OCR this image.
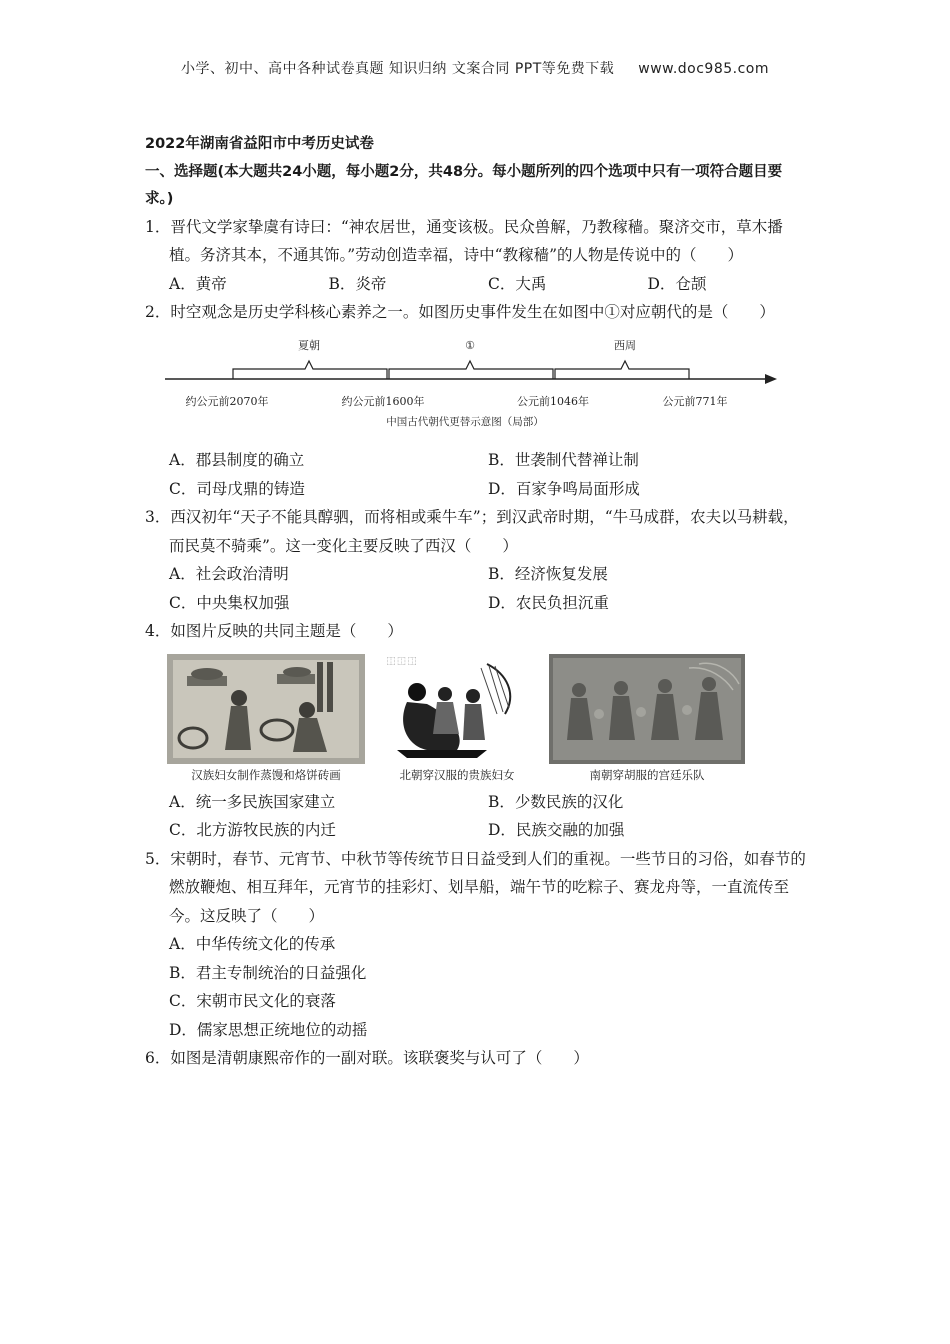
小学、初中、高中各种试卷真题 知识归纳 文案合同 PPT等免费下载 www.doc985.com

2022年湖南省益阳市中考历史试卷

一、选择题(本大题共24小题，每小题2分，共48分。每小题所列的四个选项中只有一项符合题目要求。)

1．晋代文学家挚虞有诗曰：“神农居世，通变该极。民众兽解，乃教稼穑。聚济交市，草木播植。务济其本，不通其饰。”劳动创造幸福，诗中“教稼穑”的人物是传说中的（　　）

A．黄帝	B．炎帝	C．大禹	D．仓颉

2．时空观念是历史学科核心素养之一。如图历史事件发生在如图中①对应朝代的是（　　）

夏朝	①	西周
约公元前2070年	约公元前1600年	公元前1046年	公元前771年
中国古代朝代更替示意图（局部）
A．郡县制度的确立	B．世袭制代替禅让制
C．司母戊鼎的铸造	D．百家争鸣局面形成

3．西汉初年“天子不能具醇驷，而将相或乘牛车”；到汉武帝时期，“牛马成群，农夫以马耕载，而民莫不骑乘”。这一变化主要反映了西汉（　　）

A．社会政治清明	B．经济恢复发展
C．中央集权加强	D．农民负担沉重

4．如图片反映的共同主题是（　　）

汉族妇女制作蒸馒和烙饼砖画
⿰ ⿰ ⿰
北朝穿汉服的贵族妇女	南朝穿胡服的宫廷乐队
A．统一多民族国家建立	B．少数民族的汉化
C．北方游牧民族的内迁	D．民族交融的加强

5．宋朝时，春节、元宵节、中秋节等传统节日日益受到人们的重视。一些节日的习俗，如春节的燃放鞭炮、相互拜年，元宵节的挂彩灯、划旱船，端午节的吃粽子、赛龙舟等，一直流传至今。这反映了（　　）

A．中华传统文化的传承
B．君主专制统治的日益强化
C．宋朝市民文化的衰落
D．儒家思想正统地位的动摇

6．如图是清朝康熙帝作的一副对联。该联褒奖与认可了（　　）
